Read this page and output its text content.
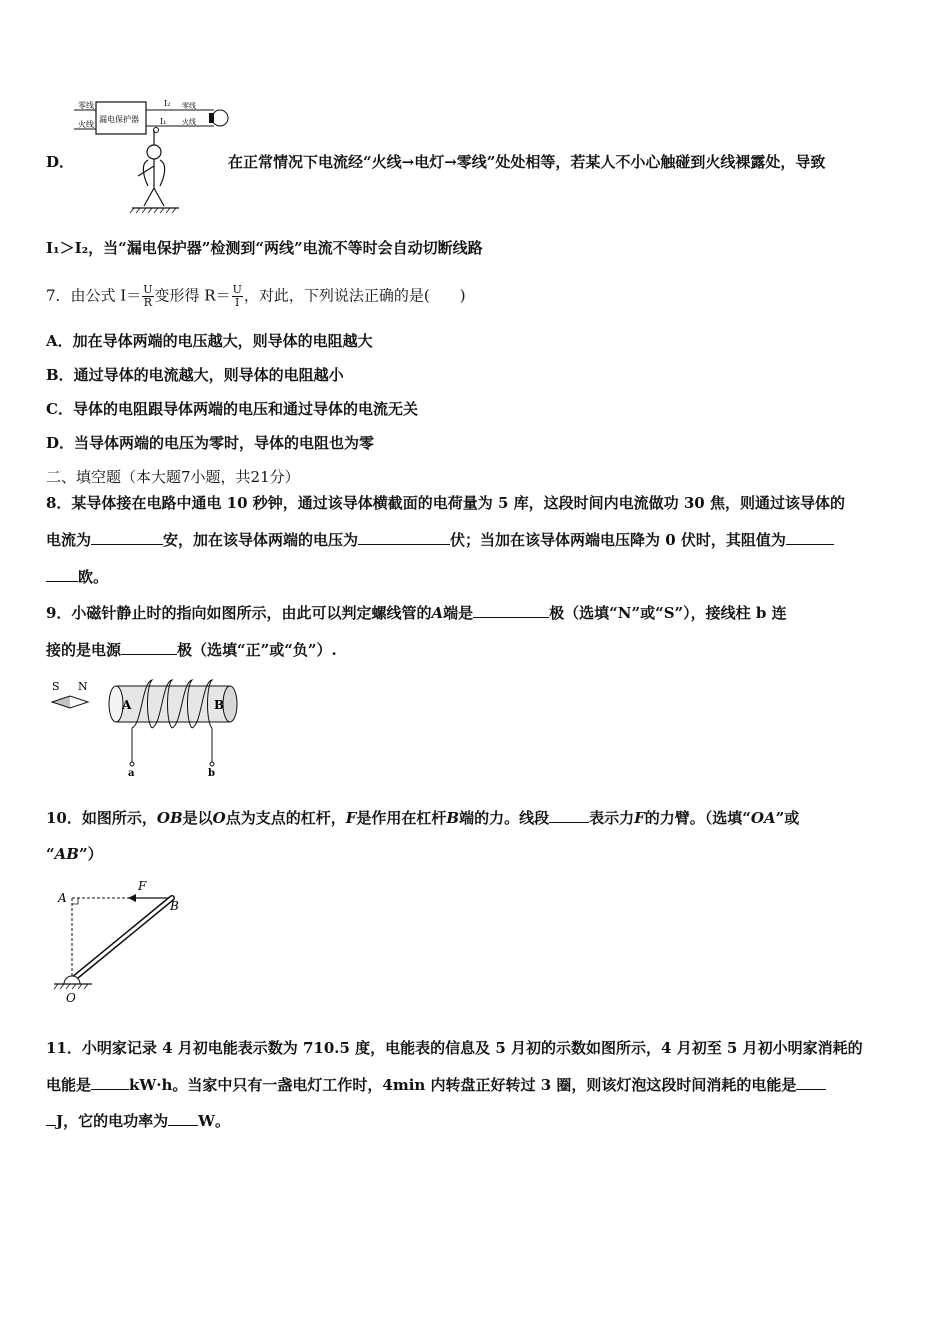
零线
火线
漏电保护器
I₂
I₁
零线
火线
D．	在正常情况下电流经“火线→电灯→零线”处处相等，若某人不小心触碰到火线裸露处，导致
I₁＞I₂，当“漏电保护器”检测到“两线”电流不等时会自动切断线路
7．由公式 $I= \frac{U}{R}$ 变形得 $R= \frac{U}{I}$ ，对此，下列说法正确的是(　　)
A．加在导体两端的电压越大，则导体的电阻越大
B．通过导体的电流越大，则导体的电阻越小
C．导体的电阻跟导体两端的电压和通过导体的电流无关
D．当导体两端的电压为零时，导体的电阻也为零
二、填空题（本大题7小题，共21分）
8．某导体接在电路中通电 10 秒钟，通过该导体横截面的电荷量为 5 库，这段时间内电流做功 30 焦，则通过该导体的
电流为	安，加在该导体两端的电压为	伏；当加在该导体两端电压降为 0 伏时，其阻值为
欧。
9．小磁针静止时的指向如图所示，由此可以判定螺线管的A端是	极（选填“N”或“S”），接线柱 b 连
接的是电源	极（选填“正”或“负”）.
S N
A	B
a	b
10．如图所示，OB是以O点为支点的杠杆，F是作用在杠杆B端的力。线段	表示力F的力臂。（选填“OA”或
“AB”）
A
B
F
O
11．小明家记录 4 月初电能表示数为 710.5 度，电能表的信息及 5 月初的示数如图所示，4 月初至 5 月初小明家消耗的
电能是	kW·h。当家中只有一盏电灯工作时，4min 内转盘正好转过 3 圈，则该灯泡这段时间消耗的电能是
J，它的电功率为 W。
